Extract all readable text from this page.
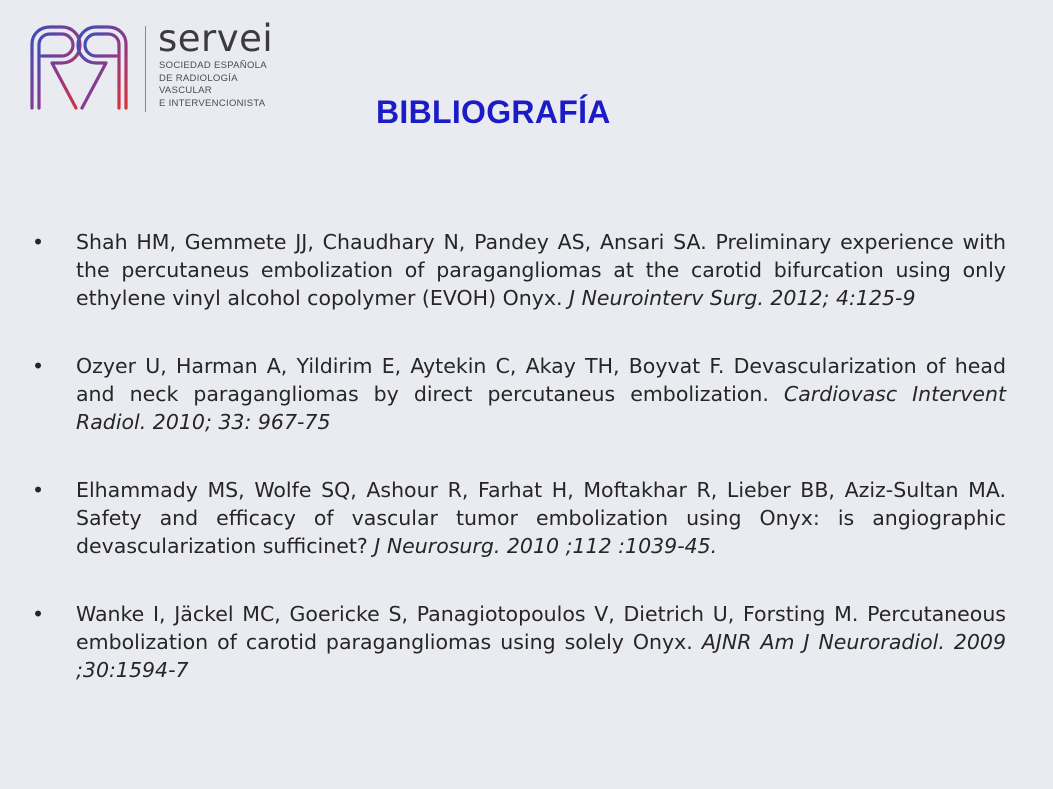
servei
SOCIEDAD ESPAÑOLA
DE RADIOLOGÍA
VASCULAR
E INTERVENCIONISTA	BIBLIOGRAFÍA
• Shah HM, Gemmete JJ, Chaudhary N, Pandey AS, Ansari SA. Preliminary experience with the percutaneus embolization of paragangliomas at the carotid bifurcation using only ethylene vinyl alcohol copolymer (EVOH) Onyx. J Neurointerv Surg. 2012; 4:125-9
• Ozyer U, Harman A, Yildirim E, Aytekin C, Akay TH, Boyvat F. Devascularization of head and neck paragangliomas by direct percutaneus embolization. Cardiovasc Intervent Radiol. 2010; 33: 967-75
• Elhammady MS, Wolfe SQ, Ashour R, Farhat H, Moftakhar R, Lieber BB, Aziz-Sultan MA. Safety and efficacy of vascular tumor embolization using Onyx: is angiographic devascularization sufficinet? J Neurosurg. 2010 ;112 :1039-45.
• Wanke I, Jäckel MC, Goericke S, Panagiotopoulos V, Dietrich U, Forsting M. Percutaneous embolization of carotid paragangliomas using solely Onyx. AJNR Am J Neuroradiol. 2009 ;30:1594-7
